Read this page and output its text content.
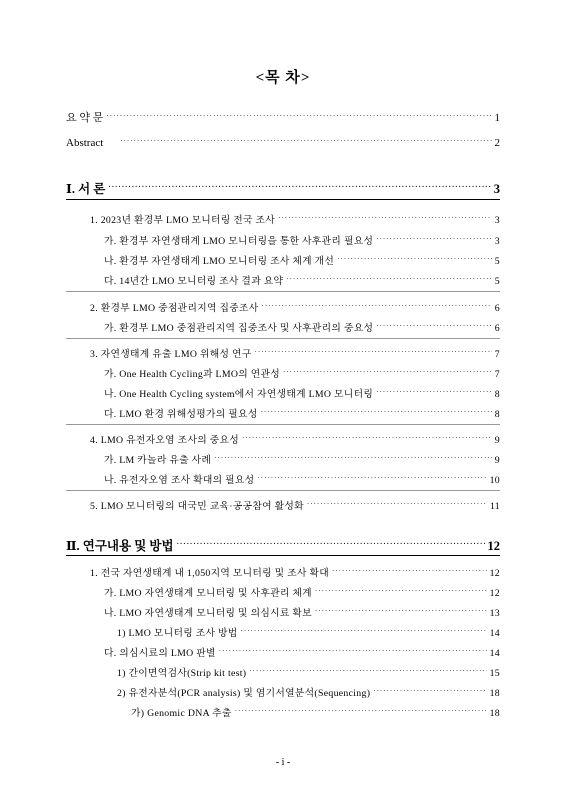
<목 차>
요 약 문 ·····	1
Abstract ·····	2
Ⅰ. 서 론 ·····	3
1. 2023년 환경부 LMO 모니터링 전국 조사 ·····	3
가. 환경부 자연생태계 LMO 모니터링을 통한 사후관리 필요성 ·····	3
나. 환경부 자연생태계 LMO 모니터링 조사 체계 개선 ·····	5
다. 14년간 LMO 모니터링 조사 결과 요약 ·····	5
2. 환경부 LMO 중점관리지역 집중조사 ·····	6
가. 환경부 LMO 중점관리지역 집중조사 및 사후관리의 중요성 ·····	6
3. 자연생태계 유출 LMO 위해성 연구 ·····	7
가. One Health Cycling과 LMO의 연관성 ·····	7
나. One Health Cycling system에서 자연생태계 LMO 모니터링 ·····	8
다. LMO 환경 위해성평가의 필요성 ·····	8
4. LMO 유전자오염 조사의 중요성 ·····	9
가. LM 카놀라 유출 사례 ·····	9
나. 유전자오염 조사 확대의 필요성 ·····	10
5. LMO 모니터링의 대국민 교육·공공참여 활성화 ·····	11
Ⅱ. 연구내용 및 방법 ·····	12
1. 전국 자연생태계 내 1,050지역 모니터링 및 조사 확대 ·····	12
가. LMO 자연생태계 모니터링 및 사후관리 체계 ·····	12
나. LMO 자연생태계 모니터링 및 의심시료 확보 ·····	13
1) LMO 모니터링 조사 방법 ·····	14
다. 의심시료의 LMO 판별 ·····	14
1) 간이면역검사(Strip kit test) ·····	15
2) 유전자분석(PCR analysis) 및 염기서열분석(Sequencing) ·····	18
가) Genomic DNA 추출 ·····	18
- i -
